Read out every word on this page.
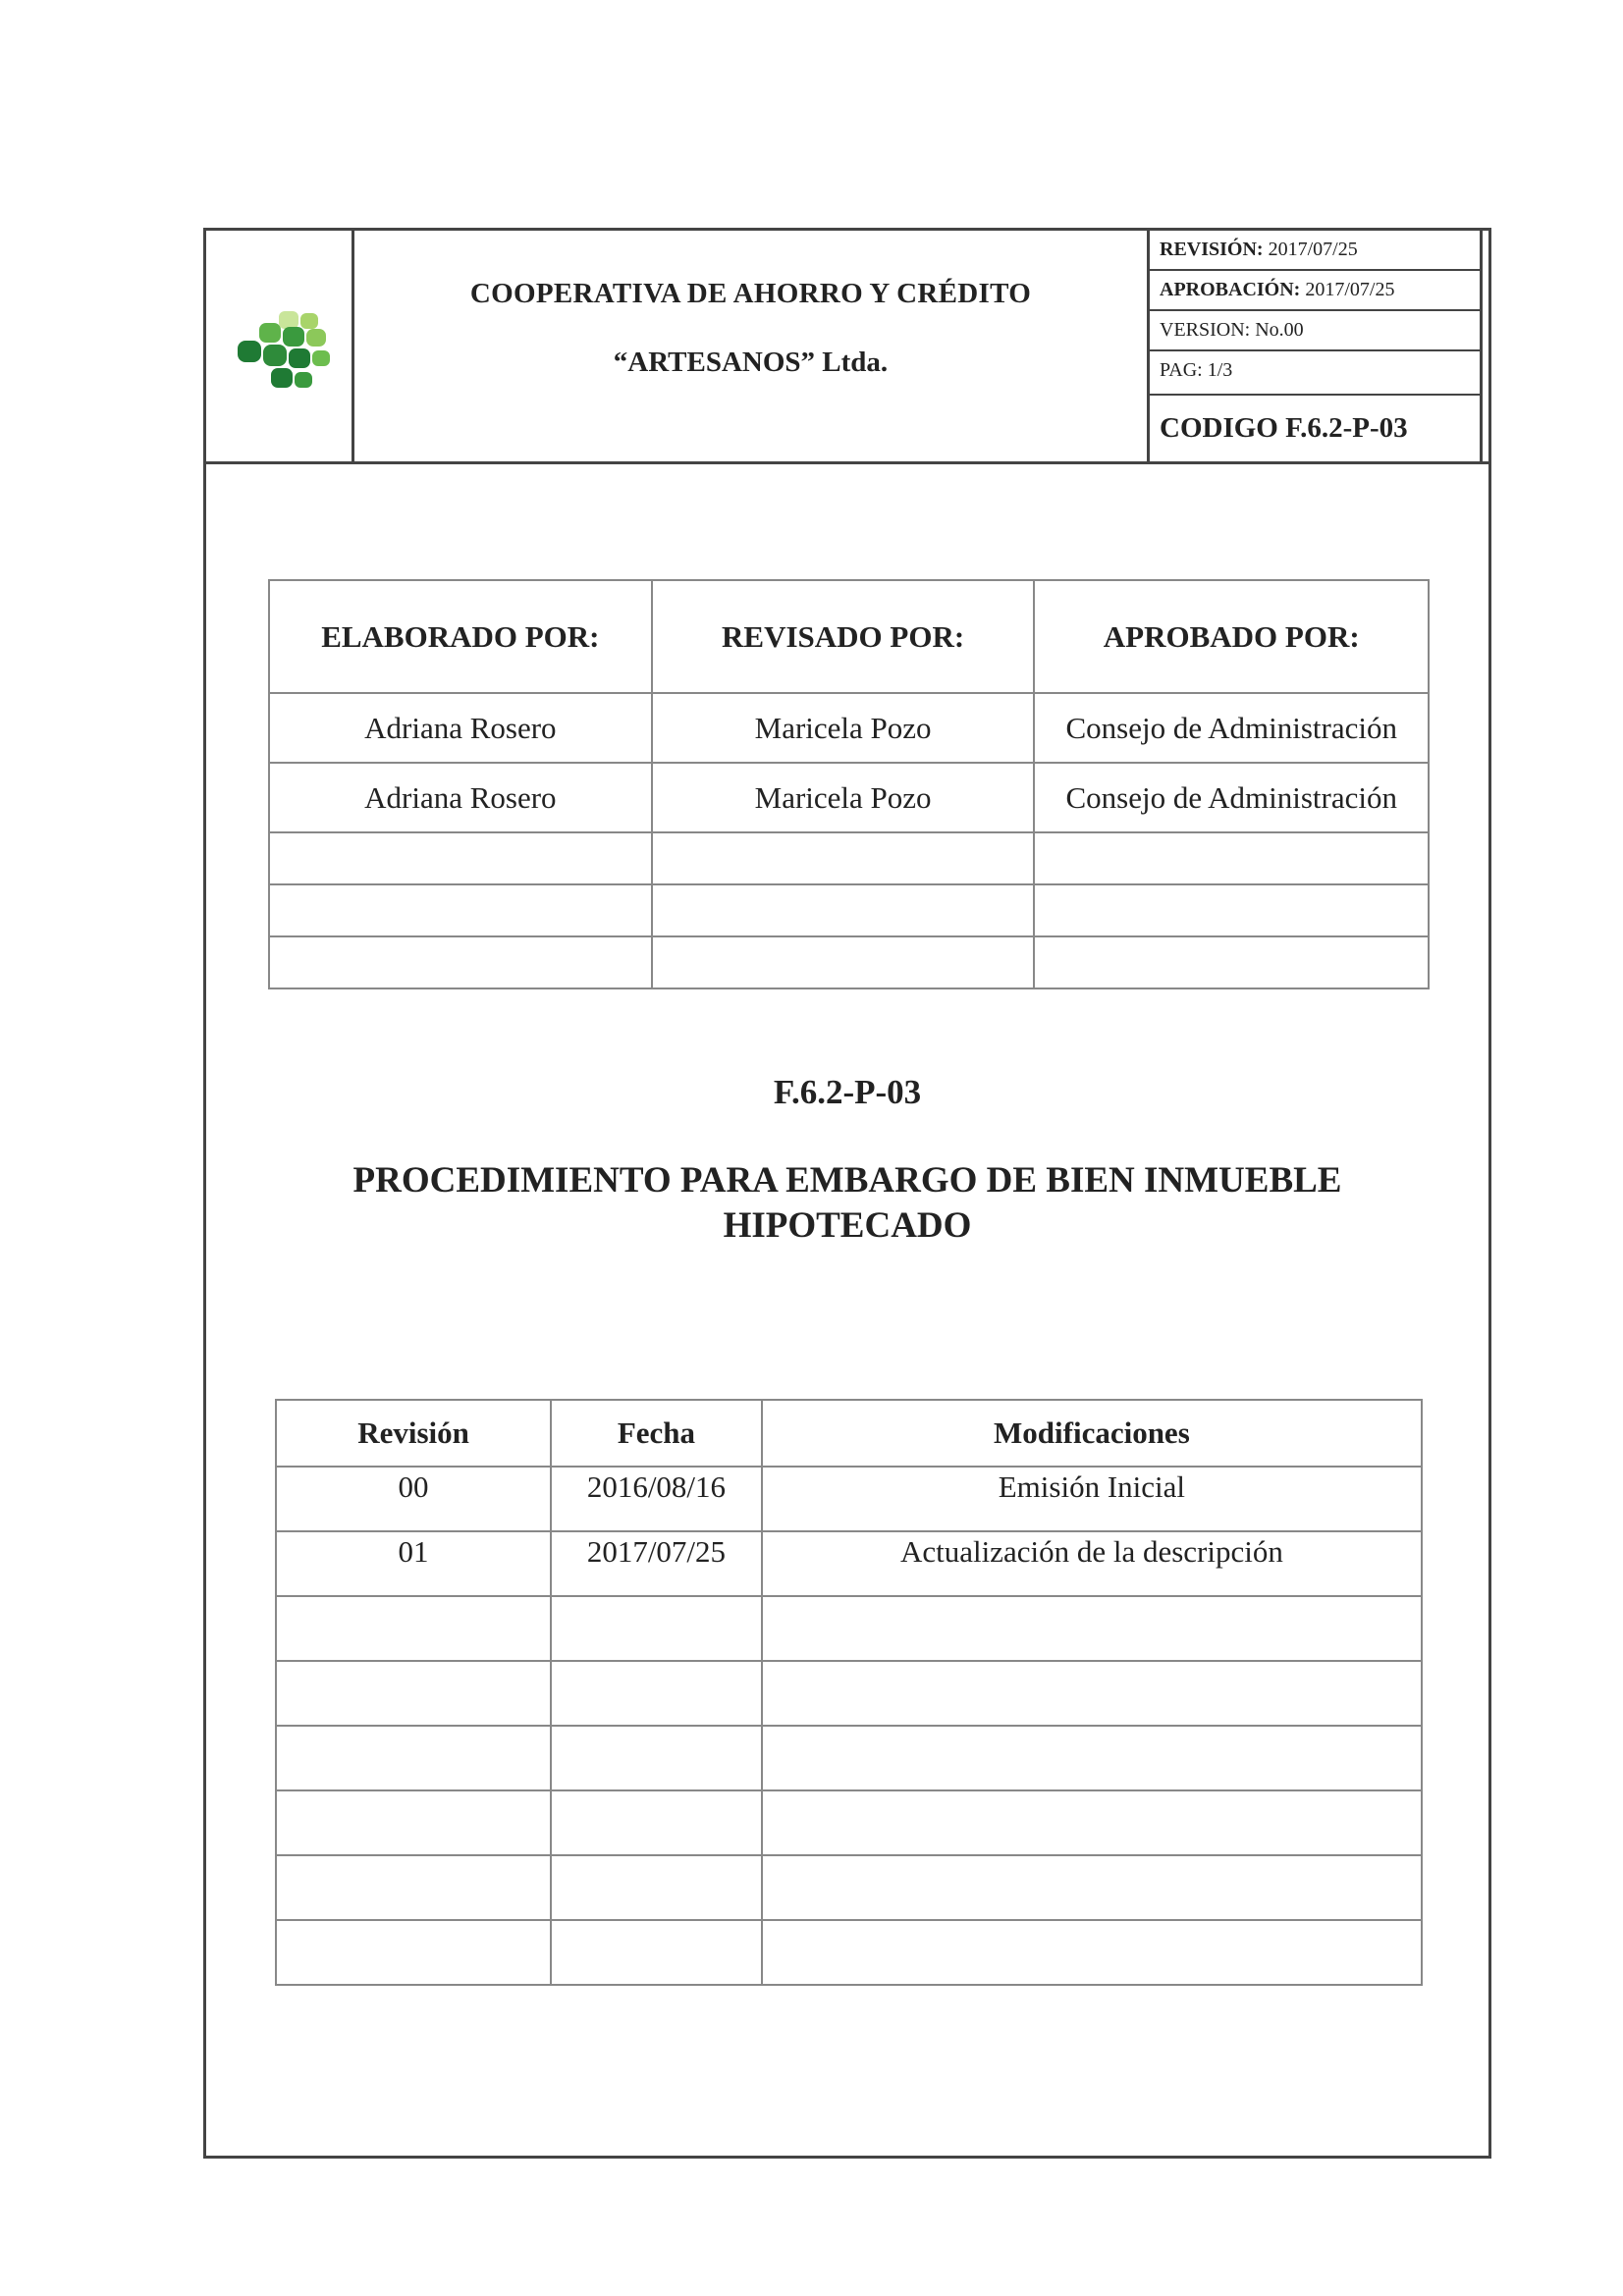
COOPERATIVA DE AHORRO Y CRÉDITO
“ARTESANOS” Ltda.
REVISIÓN: 2017/07/25
APROBACIÓN: 2017/07/25
VERSION: No.00
PAG: 1/3
CODIGO F.6.2-P-03
ELABORADO POR:	REVISADO POR:	APROBADO POR:
Adriana Rosero	Maricela Pozo	Consejo de Administración
Adriana Rosero	Maricela Pozo	Consejo de Administración

F.6.2-P-03
PROCEDIMIENTO PARA EMBARGO DE BIEN INMUEBLE HIPOTECADO
Revisión	Fecha	Modificaciones
00	2016/08/16	Emisión Inicial
01	2017/07/25	Actualización de la descripción
